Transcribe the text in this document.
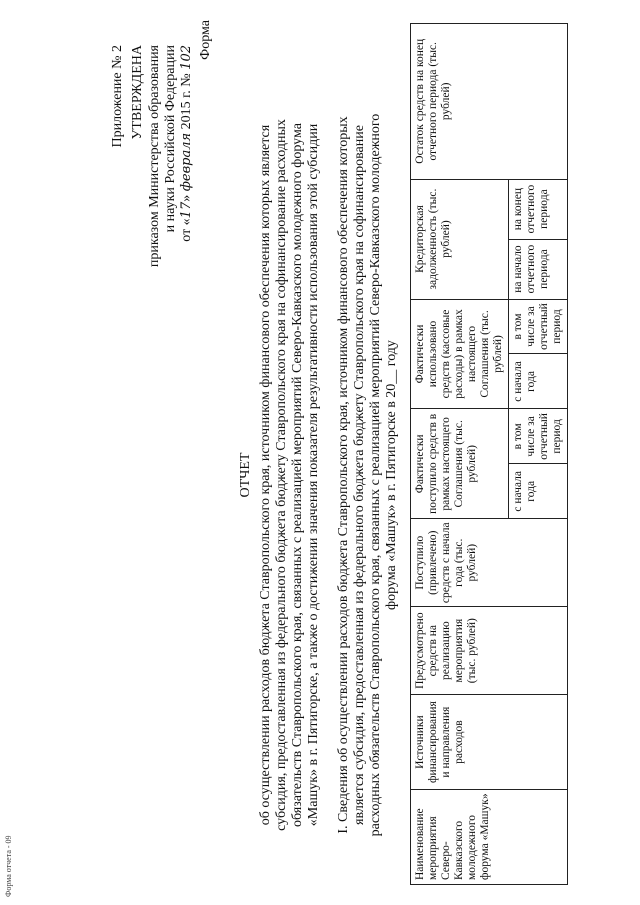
Форма отчета - 09
Приложение № 2 УТВЕРЖДЕНА приказом Министерства образования и науки Российской Федерации от «17» февраля 2015 г. № 102 Форма
ОТЧЕТ об осуществлении расходов бюджета Ставропольского края, источником финансового обеспечения которых является субсидия, предоставленная из федерального бюджета бюджету Ставропольского края на софинансирование расходных обязательств Ставропольского края, связанных с реализацией мероприятий Северо-Кавказского молодежного форума «Машук» в г. Пятигорске, а также о достижении значения показателя результативности использования этой субсидии I. Сведения об осуществлении расходов бюджета Ставропольского края, источником финансового обеспечения которых является субсидия, предоставленная из федерального бюджета бюджету Ставропольского края на софинансирование расходных обязательств Ставропольского края, связанных с реализацией мероприятий Северо-Кавказского молодежного форума «Машук» в г. Пятигорске в 20__ году
Наименование мероприятия Северо-Кавказского молодежного форума «Машук»	Источники финансирования и направления расходов	Предусмотрено средств на реализацию мероприятия (тыс. рублей)	Поступило (привлечено) средств с начала года (тыс. рублей)	Фактически поступило средств в рамках настоящего Соглашения (тыс. рублей)		Фактически использовано средств (кассовые расходы) в рамках настоящего Соглашения (тыс. рублей)		Кредиторская задолженность (тыс. рублей)		Остаток средств на конец отчетного периода (тыс. рублей)
				с начала года	в том числе за отчетный период	с начала года	в том числе за отчетный период	на начало отчетного периода	на конец отчетного периода	
